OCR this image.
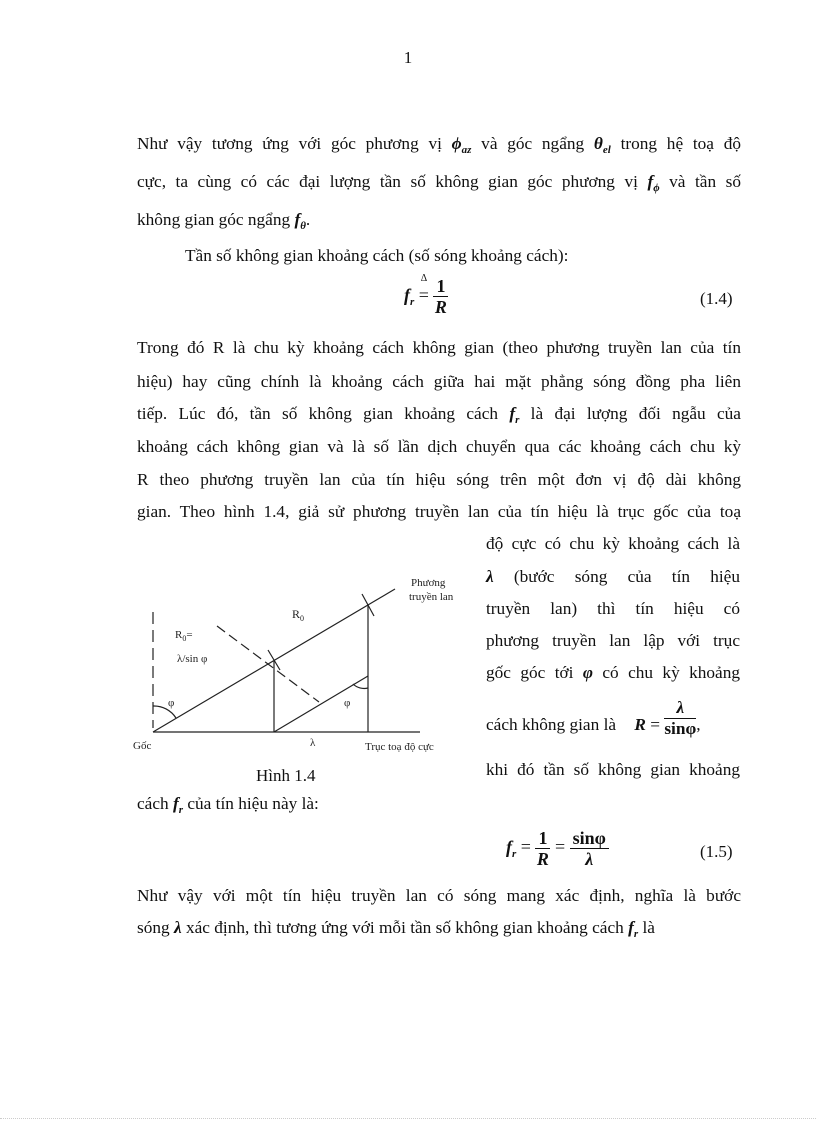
1
Như vậy tương ứng với góc phương vị $\phi_{az}$ và góc ngẩng $\theta_{el}$ trong hệ toạ độ
cực, ta cùng có các đại lượng tần số không gian góc phương vị $f_\phi$ và tần số
không gian góc ngẩng $f_\theta$.
Tần số không gian khoảng cách (số sóng khoảng cách):
$f_r$
Δ
= $\frac{1}{R}$	(1.4)
Trong đó R là chu kỳ khoảng cách không gian (theo phương truyền lan của tín
hiệu) hay cũng chính là khoảng cách giữa hai mặt phẳng sóng đồng pha liên
tiếp. Lúc đó, tần số không gian khoảng cách $f_r$ là đại lượng đối ngẫu của
khoảng cách không gian và là số lần dịch chuyển qua các khoảng cách chu kỳ
R theo phương truyền lan của tín hiệu sóng trên một đơn vị độ dài không
gian. Theo hình 1.4, giả sử phương truyền lan của tín hiệu là trục gốc của toạ
$R_0=$
λ/sin φ
$R_0$
Phương
truyền lan
φ	φ
λ
Gốc	Trục toạ độ cực
Hình 1.4
độ cực có chu kỳ khoảng cách là
λ (bước sóng của tín hiệu
truyền lan) thì tín hiệu có
phương truyền lan lập với trục
gốc góc tới φ có chu kỳ khoảng
cách không gian là $R = \frac{\lambda}{\sin\varphi}$ ,
khi đó tần số không gian khoảng
cách $f_r$ của tín hiệu này là:
$f_r = \frac{1}{R} = \frac{\sin\varphi}{\lambda}$	(1.5)
Như vậy với một tín hiệu truyền lan có sóng mang xác định, nghĩa là bước
sóng λ xác định, thì tương ứng với mỗi tần số không gian khoảng cách $f_r$ là
